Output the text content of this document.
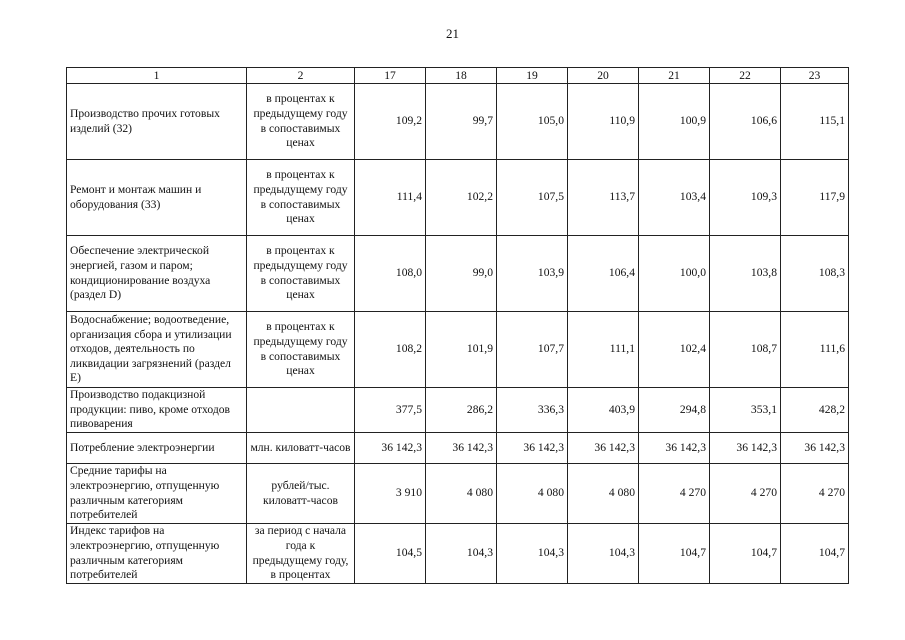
21
1	2	17	18	19	20	21	22	23
Производство прочих готовых изделий (32)	в процентах к предыдущему году в сопоставимых ценах	109,2	99,7	105,0	110,9	100,9	106,6	115,1
Ремонт и монтаж машин и оборудования (33)	в процентах к предыдущему году в сопоставимых ценах	111,4	102,2	107,5	113,7	103,4	109,3	117,9
Обеспечение электрической энергией, газом и паром; кондиционирование воздуха (раздел D)	в процентах к предыдущему году в сопоставимых ценах	108,0	99,0	103,9	106,4	100,0	103,8	108,3
Водоснабжение; водоотведение, организация сбора и утилизации отходов, деятельность по ликвидации загрязнений (раздел E)	в процентах к предыдущему году в сопоставимых ценах	108,2	101,9	107,7	111,1	102,4	108,7	111,6
Производство подакцизной продукции: пиво, кроме отходов пивоварения		377,5	286,2	336,3	403,9	294,8	353,1	428,2
Потребление электроэнергии	млн. киловатт-часов	36 142,3	36 142,3	36 142,3	36 142,3	36 142,3	36 142,3	36 142,3
Средние тарифы на электроэнергию, отпущенную различным категориям потребителей	рублей/тыс. киловатт-часов	3 910	4 080	4 080	4 080	4 270	4 270	4 270
Индекс тарифов на электроэнергию, отпущенную различным категориям потребителей	за период с начала года к предыдущему году, в процентах	104,5	104,3	104,3	104,3	104,7	104,7	104,7
